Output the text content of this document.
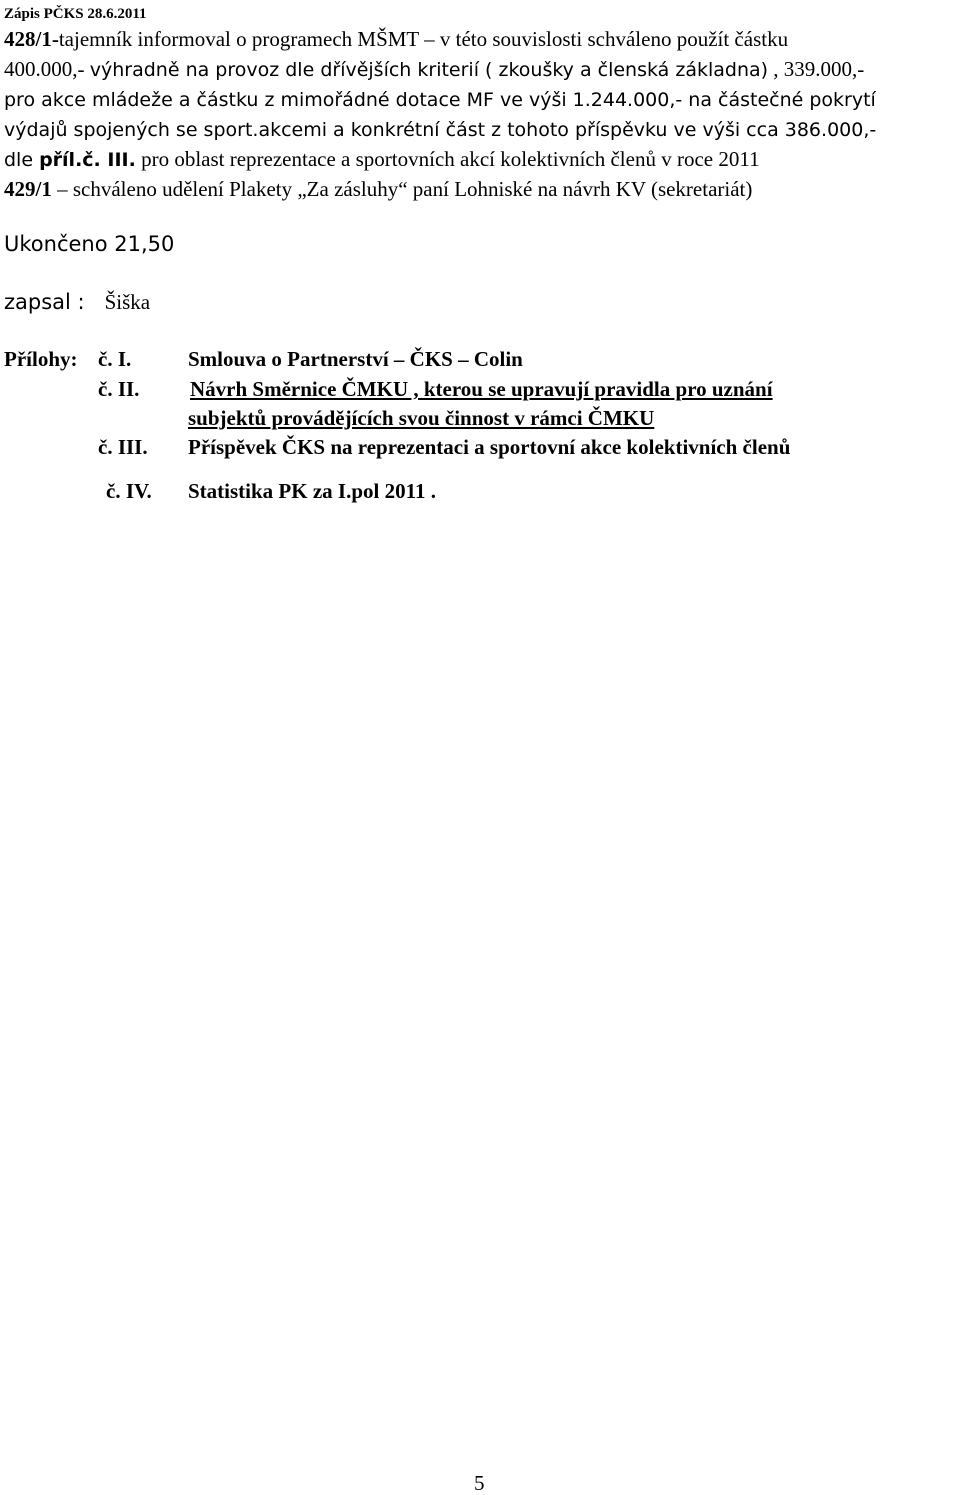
Zápis PČKS 28.6.2011
428/1-tajemník informoval o programech MŠMT – v této souvislosti schváleno použít částku
400.000,- výhradně na provoz dle dřívějších kriterií ( zkoušky a členská základna) , 339.000,-
pro akce mládeže a částku z mimořádné dotace MF ve výši 1.244.000,- na částečné pokrytí
výdajů spojených se sport.akcemi a konkrétní část z tohoto příspěvku ve výši cca 386.000,-
dle příl.č. III. pro oblast reprezentace a sportovních akcí kolektivních členů v roce 2011
429/1 – schváleno udělení Plakety „Za zásluhy“ paní Lohniské na návrh KV (sekretariát)
Ukončeno 21,50
zapsal : Šiška
Přílohy: č. I.	Smlouva o Partnerství – ČKS – Colin
č. II. Návrh Směrnice ČMKU , kterou se upravují pravidla pro uznání
subjektů provádějících svou činnost v rámci ČMKU
č. III. Příspěvek ČKS na reprezentaci a sportovní akce kolektivních členů
č. IV. Statistika PK za I.pol 2011 .
5
